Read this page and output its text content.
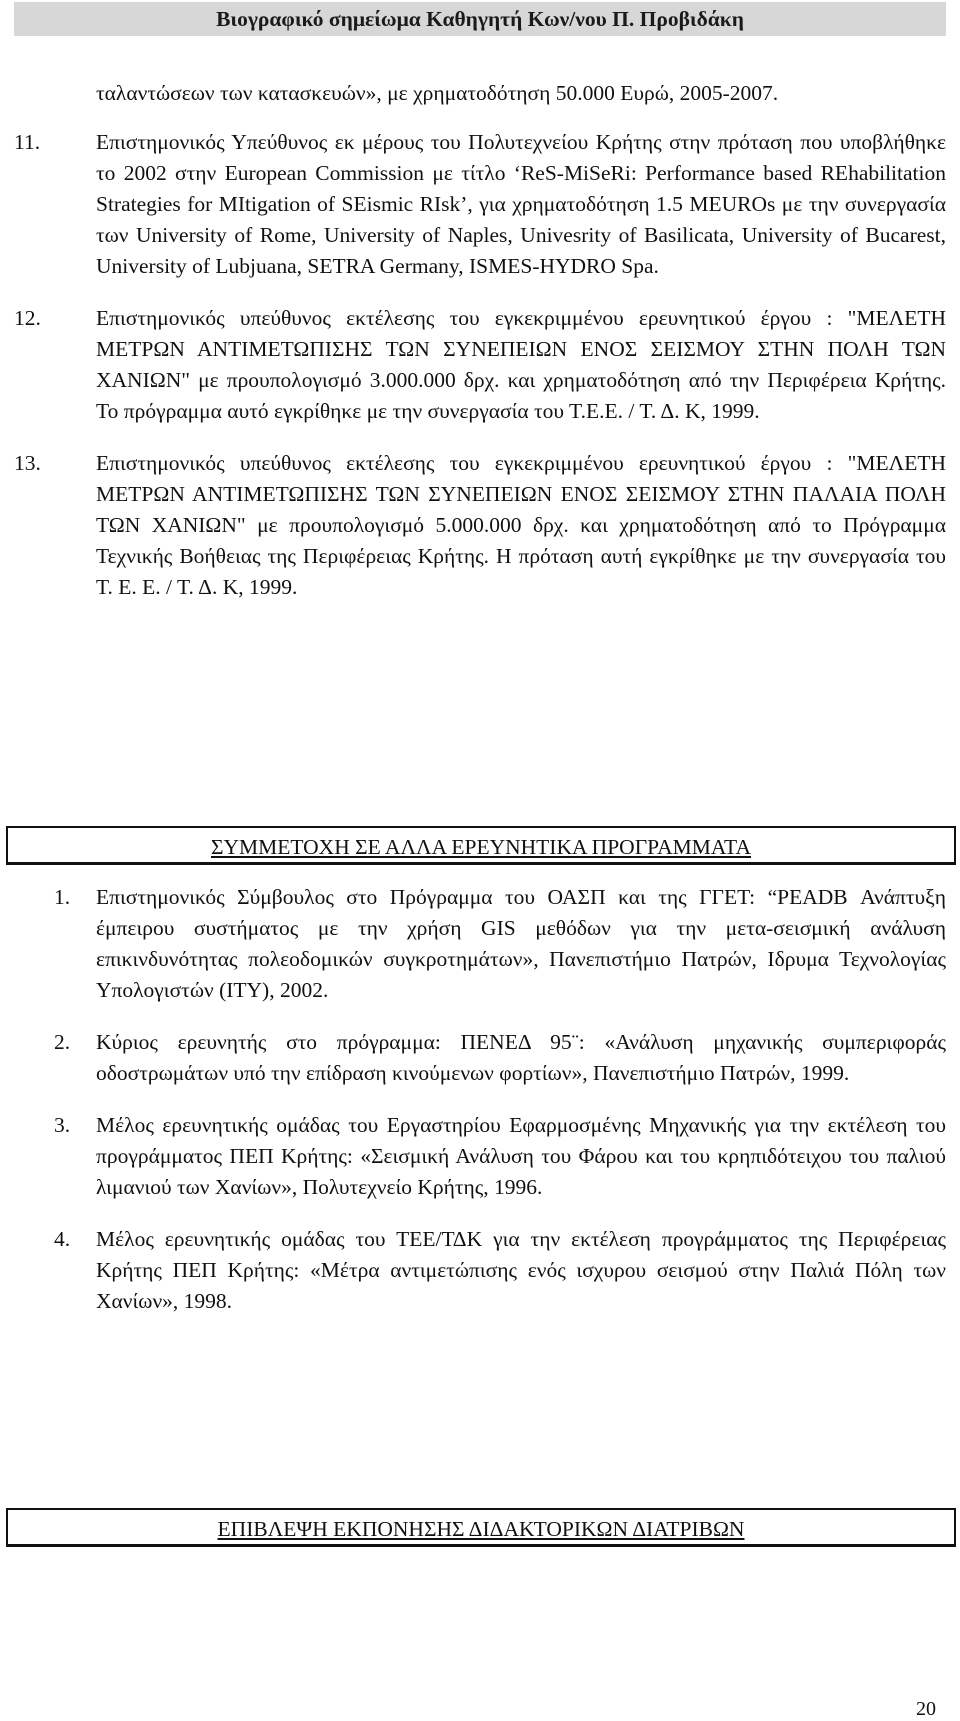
Βιογραφικό σημείωμα Καθηγητή Κων/νου Π. Προβιδάκη

ταλαντώσεων των κατασκευών», με χρηματοδότηση 50.000 Ευρώ, 2005-2007.

11.	Επιστημονικός Υπεύθυνος εκ μέρους του Πολυτεχνείου Κρήτης στην πρόταση που υποβλήθηκε το 2002 στην European Commission με τίτλο ‘ReS-MiSeRi: Performance based REhabilitation Strategies for MItigation of SEismic RIsk’, για χρηματοδότηση 1.5 MEUROs με την συνεργασία των University of Rome, University of Naples, Univesrity of Basilicata, University of Bucarest, University of Lubjuana, SETRA Germany, ISMES-HYDRO Spa.
12.	Επιστημονικός υπεύθυνος εκτέλεσης του εγκεκριμμένου ερευνητικού έργου : "ΜΕΛΕΤΗ ΜΕΤΡΩΝ ΑΝΤΙΜΕΤΩΠΙΣΗΣ ΤΩΝ ΣΥΝΕΠΕΙΩΝ ΕΝΟΣ ΣΕΙΣΜΟΥ ΣΤΗΝ ΠΟΛΗ ΤΩΝ ΧΑΝΙΩΝ" με προυπολογισμό 3.000.000 δρχ. και χρηματοδότηση από την Περιφέρεια Κρήτης. Το πρόγραμμα αυτό εγκρίθηκε με την συνεργασία του Τ.Ε.Ε. / Τ. Δ. Κ, 1999.
13.	Επιστημονικός υπεύθυνος εκτέλεσης του εγκεκριμμένου ερευνητικού έργου : "ΜΕΛΕΤΗ ΜΕΤΡΩΝ ΑΝΤΙΜΕΤΩΠΙΣΗΣ ΤΩΝ ΣΥΝΕΠΕΙΩΝ ΕΝΟΣ ΣΕΙΣΜΟΥ ΣΤΗΝ ΠΑΛΑΙΑ ΠΟΛΗ ΤΩΝ ΧΑΝΙΩΝ" με προυπολογισμό 5.000.000 δρχ. και χρηματοδότηση από το Πρόγραμμα Τεχνικής Βοήθειας της Περιφέρειας Κρήτης. Η πρόταση αυτή εγκρίθηκε με την συνεργασία του Τ. Ε. Ε. / Τ. Δ. Κ, 1999.
ΣΥΜΜΕΤΟΧΗ ΣΕ ΑΛΛΑ ΕΡΕΥΝΗΤΙΚΑ ΠΡΟΓΡΑΜΜΑΤΑ
1. Επιστημονικός Σύμβουλος στο Πρόγραμμα του ΟΑΣΠ και της ΓΓΕΤ: “PEADB Ανάπτυξη έμπειρου συστήματος με την χρήση GIS μεθόδων για την μετα-σεισμική ανάλυση επικινδυνότητας πολεοδομικών συγκροτημάτων», Πανεπιστήμιο Πατρών, Ιδρυμα Τεχνολογίας Υπολογιστών (ΙΤΥ), 2002.
2. Κύριος ερευνητής στο πρόγραμμα: ΠΕΝΕΔ 95¨: «Ανάλυση μηχανικής συμπεριφοράς οδοστρωμάτων υπό την επίδραση κινούμενων φορτίων», Πανεπιστήμιο Πατρών, 1999.
3. Μέλος ερευνητικής ομάδας του Εργαστηρίου Εφαρμοσμένης Μηχανικής για την εκτέλεση του προγράμματος ΠΕΠ Κρήτης: «Σεισμική Ανάλυση του Φάρου και του κρηπιδότειχου του παλιού λιμανιού των Χανίων», Πολυτεχνείο Κρήτης, 1996.
4. Μέλος ερευνητικής ομάδας του ΤΕΕ/ΤΔΚ για την εκτέλεση προγράμματος της Περιφέρειας Κρήτης ΠΕΠ Κρήτης: «Μέτρα αντιμετώπισης ενός ισχυρου σεισμού στην Παλιά Πόλη των Χανίων», 1998.
ΕΠΙΒΛΕΨΗ ΕΚΠΟΝΗΣΗΣ ΔΙΔΑΚΤΟΡΙΚΩΝ ΔΙΑΤΡΙΒΩΝ
20
